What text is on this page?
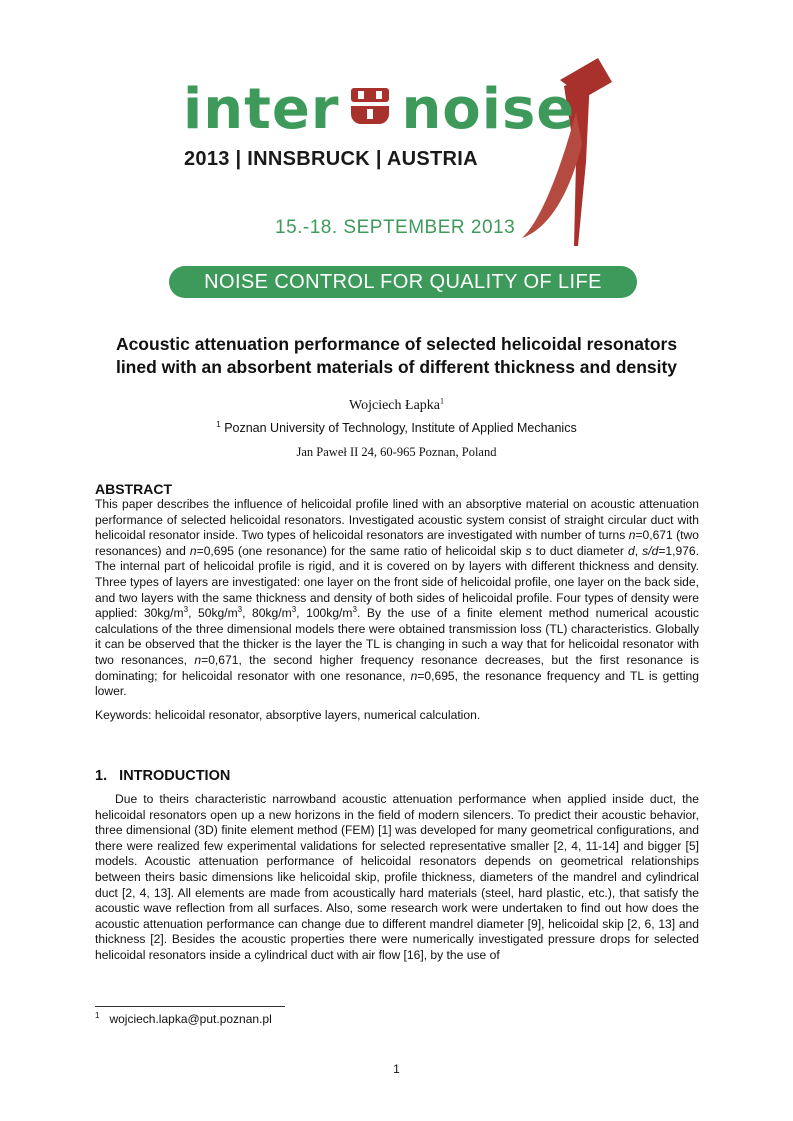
inter noise
2013 | INNSBRUCK | AUSTRIA
15.-18. SEPTEMBER 2013
NOISE CONTROL FOR QUALITY OF LIFE
Acoustic attenuation performance of selected helicoidal resonators
lined with an absorbent materials of different thickness and density
Wojciech Łapka$^1$
$^1$ Poznan University of Technology, Institute of Applied Mechanics
Jan Paweł II 24, 60-965 Poznan, Poland
ABSTRACT
This paper describes the influence of helicoidal profile lined with an absorptive material on acoustic attenuation performance of selected helicoidal resonators. Investigated acoustic system consist of straight circular duct with helicoidal resonator inside. Two types of helicoidal resonators are investigated with number of turns n=0,671 (two resonances) and n=0,695 (one resonance) for the same ratio of helicoidal skip s to duct diameter d, s/d=1,976. The internal part of helicoidal profile is rigid, and it is covered on by layers with different thickness and density. Three types of layers are investigated: one layer on the front side of helicoidal profile, one layer on the back side, and two layers with the same thickness and density of both sides of helicoidal profile. Four types of density were applied: $30kg/m^3$, $50kg/m^3$, $80kg/m^3$, $100kg/m^3$. By the use of a finite element method numerical acoustic calculations of the three dimensional models there were obtained transmission loss (TL) characteristics. Globally it can be observed that the thicker is the layer the TL is changing in such a way that for helicoidal resonator with two resonances, n=0,671, the second higher frequency resonance decreases, but the first resonance is dominating; for helicoidal resonator with one resonance, n=0,695, the resonance frequency and TL is getting lower.
Keywords: helicoidal resonator, absorptive layers, numerical calculation.
1.   INTRODUCTION
Due to theirs characteristic narrowband acoustic attenuation performance when applied inside duct, the helicoidal resonators open up a new horizons in the field of modern silencers. To predict their acoustic behavior, three dimensional (3D) finite element method (FEM) [1] was developed for many geometrical configurations, and there were realized few experimental validations for selected representative smaller [2, 4, 11-14] and bigger [5] models. Acoustic attenuation performance of helicoidal resonators depends on geometrical relationships between theirs basic dimensions like helicoidal skip, profile thickness, diameters of the mandrel and cylindrical duct [2, 4, 13]. All elements are made from acoustically hard materials (steel, hard plastic, etc.), that satisfy the acoustic wave reflection from all surfaces. Also, some research work were undertaken to find out how does the acoustic attenuation performance can change due to different mandrel diameter [9], helicoidal skip [2, 6, 13] and thickness [2]. Besides the acoustic properties there were numerically investigated pressure drops for selected helicoidal resonators inside a cylindrical duct with air flow [16], by the use of
$^1$   wojciech.lapka@put.poznan.pl
1
